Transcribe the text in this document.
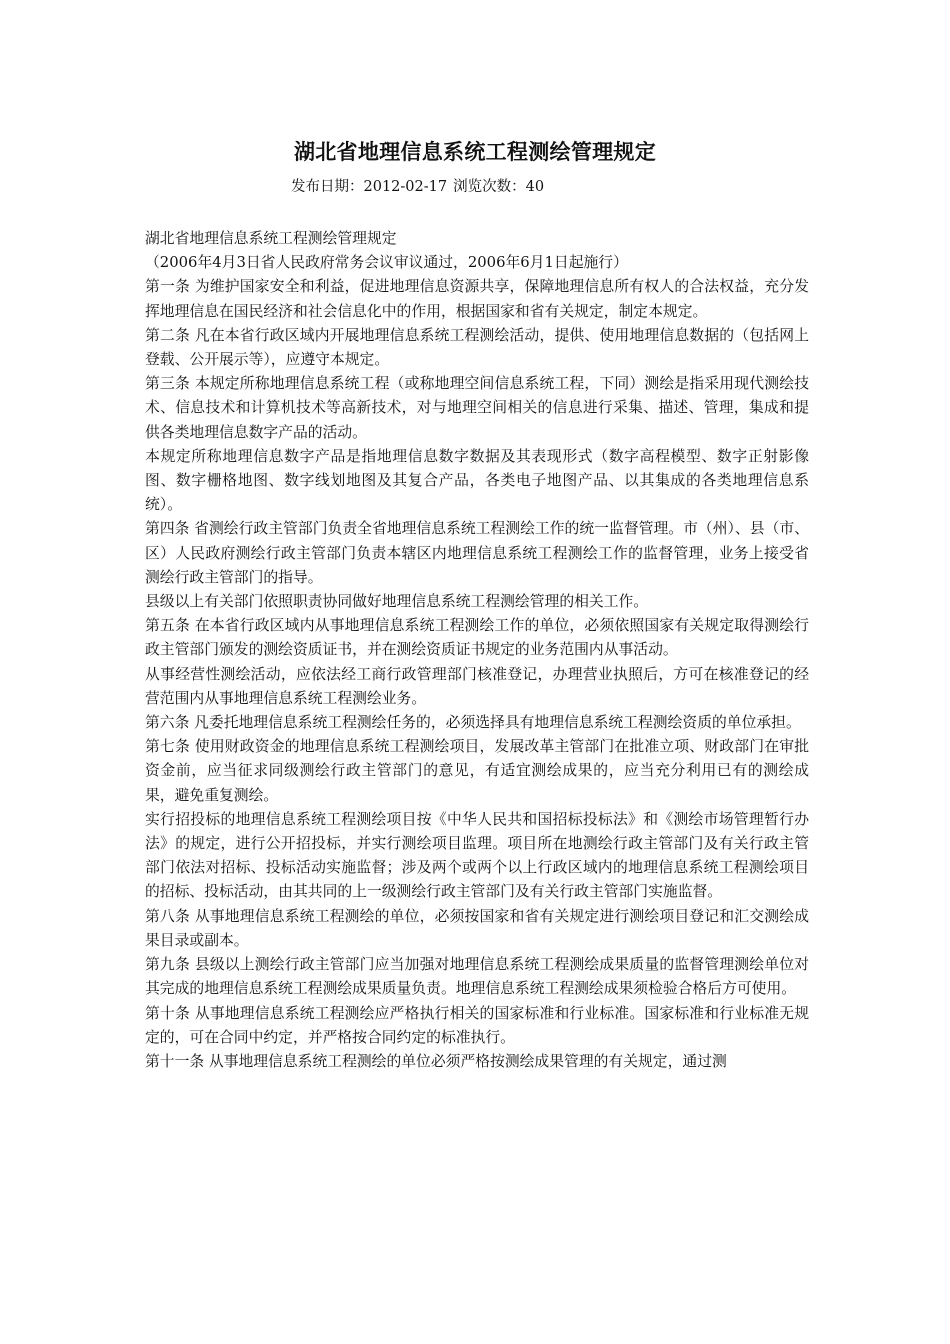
湖北省地理信息系统工程测绘管理规定
发布日期：2012-02-17 浏览次数：40

湖北省地理信息系统工程测绘管理规定

（2006年4月3日省人民政府常务会议审议通过，2006年6月1日起施行）

第一条 为维护国家安全和利益，促进地理信息资源共享，保障地理信息所有权人的合法权益，充分发挥地理信息在国民经济和社会信息化中的作用，根据国家和省有关规定，制定本规定。

第二条 凡在本省行政区域内开展地理信息系统工程测绘活动，提供、使用地理信息数据的（包括网上登载、公开展示等），应遵守本规定。

第三条 本规定所称地理信息系统工程（或称地理空间信息系统工程，下同）测绘是指采用现代测绘技术、信息技术和计算机技术等高新技术，对与地理空间相关的信息进行采集、描述、管理，集成和提供各类地理信息数字产品的活动。

本规定所称地理信息数字产品是指地理信息数字数据及其表现形式（数字高程模型、数字正射影像图、数字栅格地图、数字线划地图及其复合产品，各类电子地图产品、以其集成的各类地理信息系统）。

第四条 省测绘行政主管部门负责全省地理信息系统工程测绘工作的统一监督管理。市（州）、县（市、区）人民政府测绘行政主管部门负责本辖区内地理信息系统工程测绘工作的监督管理，业务上接受省测绘行政主管部门的指导。

县级以上有关部门依照职责协同做好地理信息系统工程测绘管理的相关工作。

第五条 在本省行政区域内从事地理信息系统工程测绘工作的单位，必须依照国家有关规定取得测绘行政主管部门颁发的测绘资质证书，并在测绘资质证书规定的业务范围内从事活动。

从事经营性测绘活动，应依法经工商行政管理部门核准登记，办理营业执照后，方可在核准登记的经营范围内从事地理信息系统工程测绘业务。

第六条 凡委托地理信息系统工程测绘任务的，必须选择具有地理信息系统工程测绘资质的单位承担。

第七条 使用财政资金的地理信息系统工程测绘项目，发展改革主管部门在批准立项、财政部门在审批资金前，应当征求同级测绘行政主管部门的意见，有适宜测绘成果的，应当充分利用已有的测绘成果，避免重复测绘。

实行招投标的地理信息系统工程测绘项目按《中华人民共和国招标投标法》和《测绘市场管理暂行办法》的规定，进行公开招投标，并实行测绘项目监理。项目所在地测绘行政主管部门及有关行政主管部门依法对招标、投标活动实施监督；涉及两个或两个以上行政区域内的地理信息系统工程测绘项目的招标、投标活动，由其共同的上一级测绘行政主管部门及有关行政主管部门实施监督。

第八条 从事地理信息系统工程测绘的单位，必须按国家和省有关规定进行测绘项目登记和汇交测绘成果目录或副本。

第九条 县级以上测绘行政主管部门应当加强对地理信息系统工程测绘成果质量的监督管理测绘单位对其完成的地理信息系统工程测绘成果质量负责。地理信息系统工程测绘成果须检验合格后方可使用。

第十条 从事地理信息系统工程测绘应严格执行相关的国家标准和行业标准。国家标准和行业标准无规定的，可在合同中约定，并严格按合同约定的标准执行。

第十一条 从事地理信息系统工程测绘的单位必须严格按测绘成果管理的有关规定，通过测
